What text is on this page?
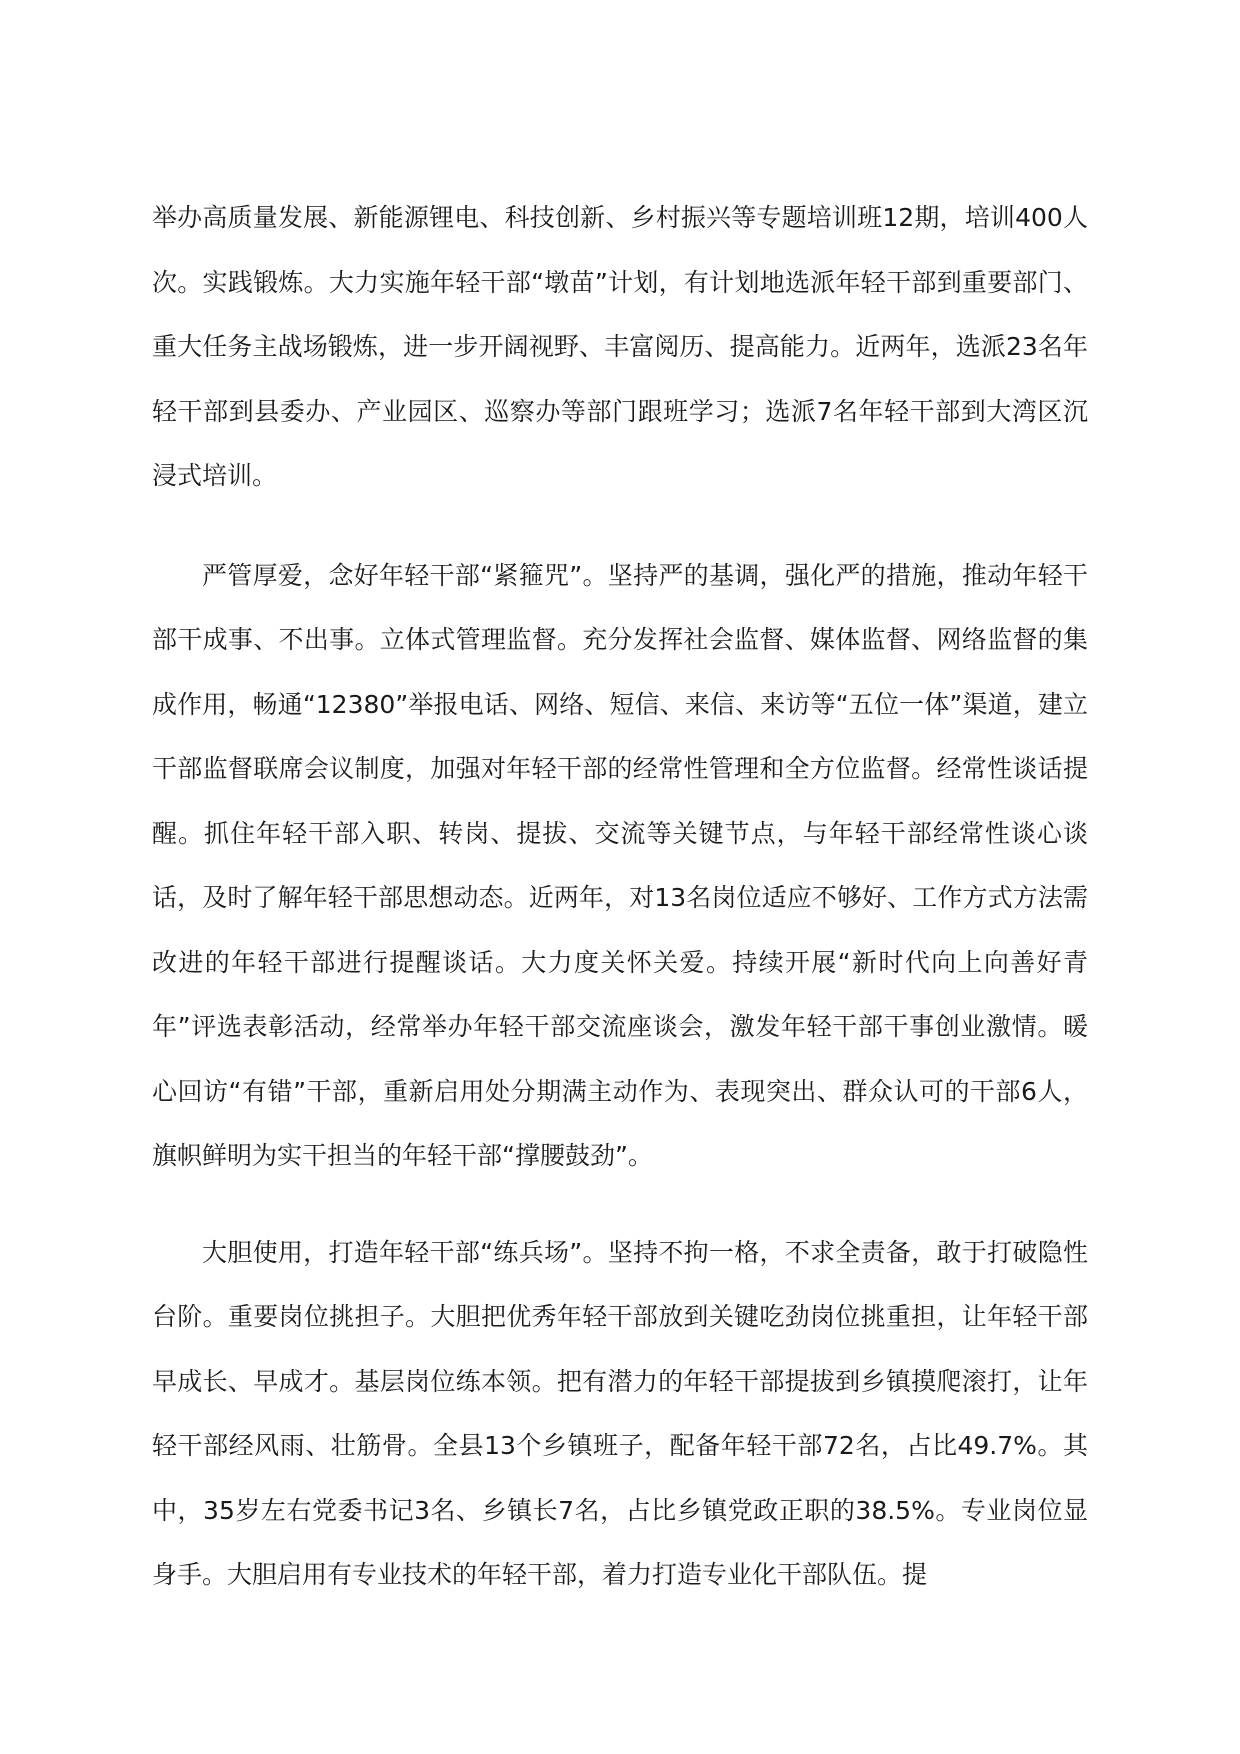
举办高质量发展、新能源锂电、科技创新、乡村振兴等专题培训班12期，培训400人次。实践锻炼。大力实施年轻干部“墩苗”计划，有计划地选派年轻干部到重要部门、重大任务主战场锻炼，进一步开阔视野、丰富阅历、提高能力。近两年，选派23名年轻干部到县委办、产业园区、巡察办等部门跟班学习；选派7名年轻干部到大湾区沉浸式培训。

严管厚爱，念好年轻干部“紧箍咒”。坚持严的基调，强化严的措施，推动年轻干部干成事、不出事。立体式管理监督。充分发挥社会监督、媒体监督、网络监督的集成作用，畅通“12380”举报电话、网络、短信、来信、来访等“五位一体”渠道，建立干部监督联席会议制度，加强对年轻干部的经常性管理和全方位监督。经常性谈话提醒。抓住年轻干部入职、转岗、提拔、交流等关键节点，与年轻干部经常性谈心谈话，及时了解年轻干部思想动态。近两年，对13名岗位适应不够好、工作方式方法需改进的年轻干部进行提醒谈话。大力度关怀关爱。持续开展“新时代向上向善好青年”评选表彰活动，经常举办年轻干部交流座谈会，激发年轻干部干事创业激情。暖心回访“有错”干部，重新启用处分期满主动作为、表现突出、群众认可的干部6人，旗帜鲜明为实干担当的年轻干部“撑腰鼓劲”。

大胆使用，打造年轻干部“练兵场”。坚持不拘一格，不求全责备，敢于打破隐性台阶。重要岗位挑担子。大胆把优秀年轻干部放到关键吃劲岗位挑重担，让年轻干部早成长、早成才。基层岗位练本领。把有潜力的年轻干部提拔到乡镇摸爬滚打，让年轻干部经风雨、壮筋骨。全县13个乡镇班子，配备年轻干部72名，占比49.7%。其中，35岁左右党委书记3名、乡镇长7名，占比乡镇党政正职的38.5%。专业岗位显身手。大胆启用有专业技术的年轻干部，着力打造专业化干部队伍。提
